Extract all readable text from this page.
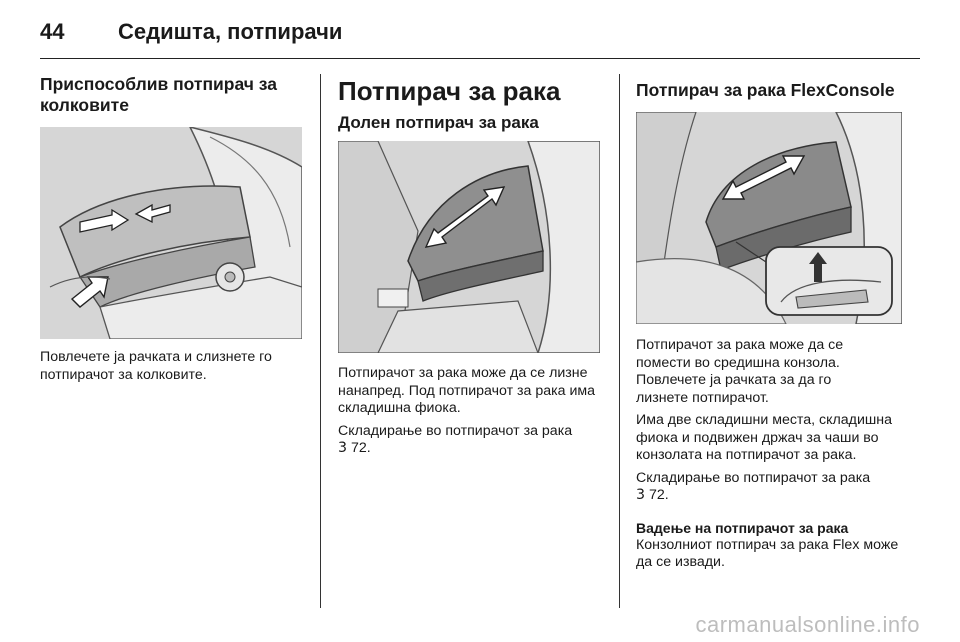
44	Седишта, потпирачи
Приспособлив потпирач за колковите

Повлечете ја рачката и слизнете го потпирачот за колковите.

Потпирач за рака
Долен потпирач за рака

Потпирачот за рака може да се лизне нанапред. Под потпирачот за рака има складишна фиока.

Складирање во потпирачот за рака
3 72.

Потпирач за рака FlexConsole

Потпирачот за рака може да се
помести во средишна конзола.
Повлечете ја рачката за да го
лизнете потпирачот.

Има две складишни места, складишна фиока и подвижен држач за чаши во конзолата на потпирачот за рака.

Складирање во потпирачот за рака
3 72.

Вадење на потпирачот за рака

Конзолниот потпирач за рака Flex може да се извади.

carmanualsonline.info
